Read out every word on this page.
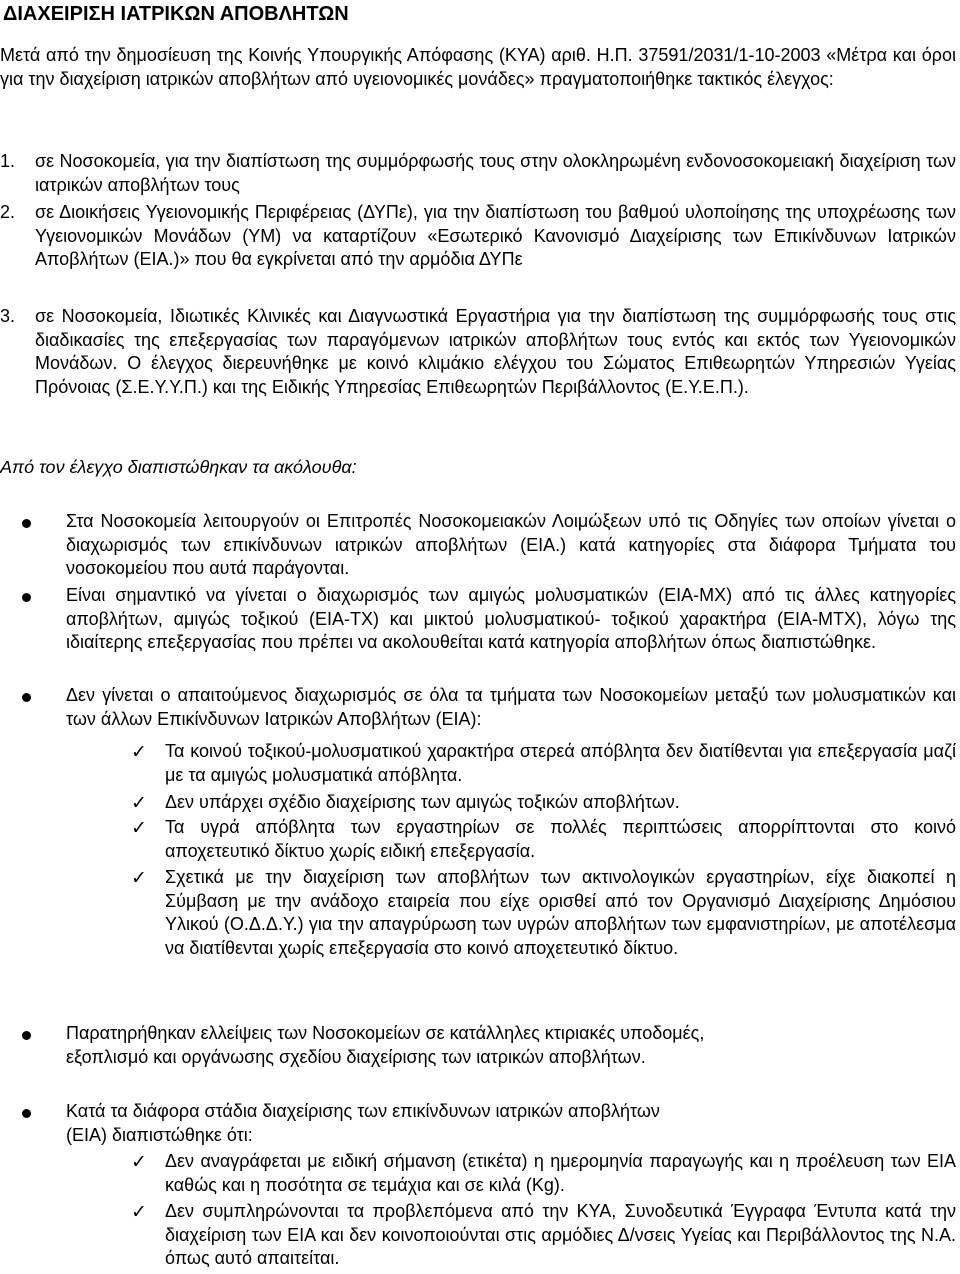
ΔΙΑΧΕΙΡΙΣΗ ΙΑΤΡΙΚΩΝ ΑΠΟΒΛΗΤΩΝ

Μετά από την δημοσίευση της Κοινής Υπουργικής Απόφασης (ΚΥΑ) αριθ. Η.Π. 37591/2031/1-10-2003 «Μέτρα και όροι για την διαχείριση ιατρικών αποβλήτων από υγειονομικές μονάδες» πραγματοποιήθηκε τακτικός έλεγχος:

1. σε Νοσοκομεία, για την διαπίστωση της συμμόρφωσής τους στην ολοκληρωμένη ενδονοσοκομειακή διαχείριση των ιατρικών αποβλήτων τους
2. σε Διοικήσεις Υγειονομικής Περιφέρειας (ΔΥΠε), για την διαπίστωση του βαθμού υλοποίησης της υποχρέωσης των Υγειονομικών Μονάδων (ΥΜ) να καταρτίζουν «Εσωτερικό Κανονισμό Διαχείρισης των Επικίνδυνων Ιατρικών Αποβλήτων (ΕΙΑ.)» που θα εγκρίνεται από την αρμόδια ΔΥΠε
3. σε Νοσοκομεία, Ιδιωτικές Κλινικές και Διαγνωστικά Εργαστήρια για την διαπίστωση της συμμόρφωσής τους στις διαδικασίες της επεξεργασίας των παραγόμενων ιατρικών αποβλήτων τους εντός και εκτός των Υγειονομικών Μονάδων. Ο έλεγχος διερευνήθηκε με κοινό κλιμάκιο ελέγχου του Σώματος Επιθεωρητών Υπηρεσιών Υγείας Πρόνοιας (Σ.Ε.Υ.Υ.Π.) και της Ειδικής Υπηρεσίας Επιθεωρητών Περιβάλλοντος (Ε.Υ.Ε.Π.).
Από τον έλεγχο διαπιστώθηκαν τα ακόλουθα:
Στα Νοσοκομεία λειτουργούν οι Επιτροπές Νοσοκομειακών Λοιμώξεων υπό τις Οδηγίες των οποίων γίνεται ο διαχωρισμός των επικίνδυνων ιατρικών αποβλήτων (ΕΙΑ.) κατά κατηγορίες στα διάφορα Τμήματα του νοσοκομείου που αυτά παράγονται.
Είναι σημαντικό να γίνεται ο διαχωρισμός των αμιγώς μολυσματικών (ΕΙΑ-ΜΧ) από τις άλλες κατηγορίες αποβλήτων, αμιγώς τοξικού (ΕΙΑ-ΤΧ) και μικτού μολυσματικού- τοξικού χαρακτήρα (ΕΙΑ-ΜΤΧ), λόγω της ιδιαίτερης επεξεργασίας που πρέπει να ακολουθείται κατά κατηγορία αποβλήτων όπως διαπιστώθηκε.
Δεν γίνεται ο απαιτούμενος διαχωρισμός σε όλα τα τμήματα των Νοσοκομείων μεταξύ των μολυσματικών και των άλλων Επικίνδυνων Ιατρικών Αποβλήτων (ΕΙΑ):
✓ Τα κοινού τοξικού-μολυσματικού χαρακτήρα στερεά απόβλητα δεν διατίθενται για επεξεργασία μαζί με τα αμιγώς μολυσματικά απόβλητα.
✓ Δεν υπάρχει σχέδιο διαχείρισης των αμιγώς τοξικών αποβλήτων.
✓ Τα υγρά απόβλητα των εργαστηρίων σε πολλές περιπτώσεις απορρίπτονται στο κοινό αποχετευτικό δίκτυο χωρίς ειδική επεξεργασία.
✓ Σχετικά με την διαχείριση των αποβλήτων των ακτινολογικών εργαστηρίων, είχε διακοπεί η Σύμβαση με την ανάδοχο εταιρεία που είχε ορισθεί από τον Οργανισμό Διαχείρισης Δημόσιου Υλικού (Ο.Δ.Δ.Υ.) για την απαγρύρωση των υγρών αποβλήτων των εμφανιστηρίων, με αποτέλεσμα να διατίθενται χωρίς επεξεργασία στο κοινό αποχετευτικό δίκτυο.
Παρατηρήθηκαν ελλείψεις των Νοσοκομείων σε κατάλληλες κτιριακές υποδομές, εξοπλισμό και οργάνωσης σχεδίου διαχείρισης των ιατρικών αποβλήτων.
Κατά τα διάφορα στάδια διαχείρισης των επικίνδυνων ιατρικών αποβλήτων (ΕΙΑ) διαπιστώθηκε ότι:
✓ Δεν αναγράφεται με ειδική σήμανση (ετικέτα) η ημερομηνία παραγωγής και η προέλευση των ΕΙΑ καθώς και η ποσότητα σε τεμάχια και σε κιλά (Kg).
✓ Δεν συμπληρώνονται τα προβλεπόμενα από την ΚΥΑ, Συνοδευτικά Έγγραφα Έντυπα κατά την διαχείριση των ΕΙΑ και δεν κοινοποιούνται στις αρμόδιες Δ/νσεις Υγείας και Περιβάλλοντος της Ν.Α. όπως αυτό απαιτείται.
